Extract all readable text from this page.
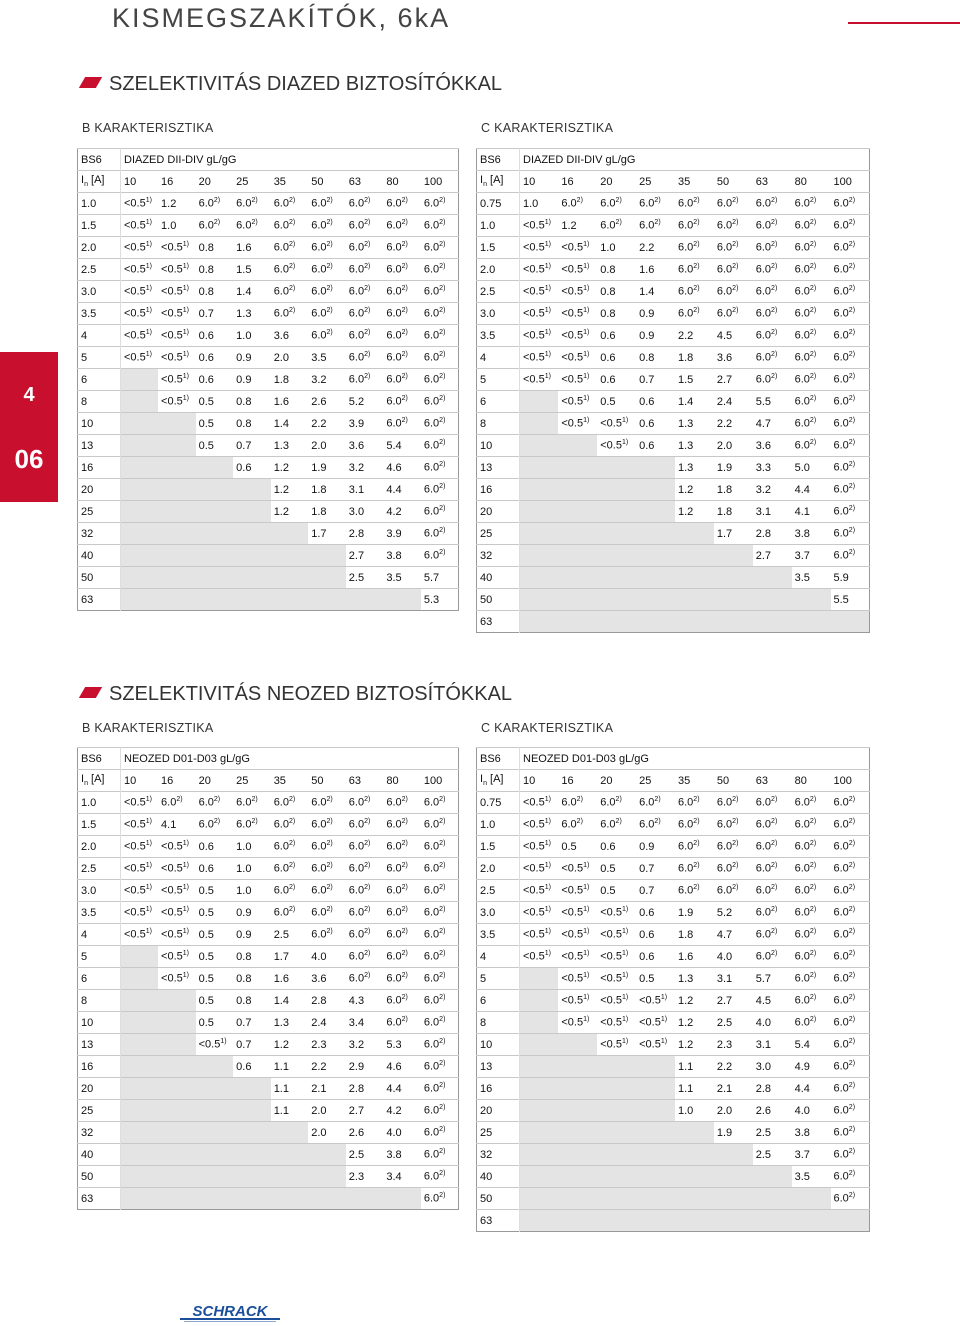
KISMEGSZAKÍTÓK, 6kA
4
06
SZELEKTIVITÁS DIAZED BIZTOSÍTÓKKAL
B KARAKTERISZTIKA	C KARAKTERISZTIKA
BS6	DIAZED DII-DIV gL/gG								
$I_n$ [A]	10	16	20	25	35	50	63	80	100
1.0	$<0.5^{1)}$	1.2	6.0$^{2)}$	6.0$^{2)}$	6.0$^{2)}$	6.0$^{2)}$	6.0$^{2)}$	6.0$^{2)}$	6.0$^{2)}$
1.5	$<0.5^{1)}$	1.0	6.0$^{2)}$	6.0$^{2)}$	6.0$^{2)}$	6.0$^{2)}$	6.0$^{2)}$	6.0$^{2)}$	6.0$^{2)}$
2.0	$<0.5^{1)}$	$<0.5^{1)}$	0.8	1.6	6.0$^{2)}$	6.0$^{2)}$	6.0$^{2)}$	6.0$^{2)}$	6.0$^{2)}$
2.5	$<0.5^{1)}$	$<0.5^{1)}$	0.8	1.5	6.0$^{2)}$	6.0$^{2)}$	6.0$^{2)}$	6.0$^{2)}$	6.0$^{2)}$
3.0	$<0.5^{1)}$	$<0.5^{1)}$	0.8	1.4	6.0$^{2)}$	6.0$^{2)}$	6.0$^{2)}$	6.0$^{2)}$	6.0$^{2)}$
3.5	$<0.5^{1)}$	$<0.5^{1)}$	0.7	1.3	6.0$^{2)}$	6.0$^{2)}$	6.0$^{2)}$	6.0$^{2)}$	6.0$^{2)}$
4	$<0.5^{1)}$	$<0.5^{1)}$	0.6	1.0	3.6	6.0$^{2)}$	6.0$^{2)}$	6.0$^{2)}$	6.0$^{2)}$
5	$<0.5^{1)}$	$<0.5^{1)}$	0.6	0.9	2.0	3.5	6.0$^{2)}$	6.0$^{2)}$	6.0$^{2)}$
6		$<0.5^{1)}$	0.6	0.9	1.8	3.2	6.0$^{2)}$	6.0$^{2)}$	6.0$^{2)}$
8		$<0.5^{1)}$	0.5	0.8	1.6	2.6	5.2	6.0$^{2)}$	6.0$^{2)}$
10			0.5	0.8	1.4	2.2	3.9	6.0$^{2)}$	6.0$^{2)}$
13			0.5	0.7	1.3	2.0	3.6	5.4	6.0$^{2)}$
16				0.6	1.2	1.9	3.2	4.6	6.0$^{2)}$
20					1.2	1.8	3.1	4.4	6.0$^{2)}$
25					1.2	1.8	3.0	4.2	6.0$^{2)}$
32						1.7	2.8	3.9	6.0$^{2)}$
40							2.7	3.8	6.0$^{2)}$
50							2.5	3.5	5.7
63									5.3
BS6	DIAZED DII-DIV gL/gG								
$I_n$ [A]	10	16	20	25	35	50	63	80	100
0.75	1.0	6.0$^{2)}$	6.0$^{2)}$	6.0$^{2)}$	6.0$^{2)}$	6.0$^{2)}$	6.0$^{2)}$	6.0$^{2)}$	6.0$^{2)}$
1.0	$<0.5^{1)}$	1.2	6.0$^{2)}$	6.0$^{2)}$	6.0$^{2)}$	6.0$^{2)}$	6.0$^{2)}$	6.0$^{2)}$	6.0$^{2)}$
1.5	$<0.5^{1)}$	$<0.5^{1)}$	1.0	2.2	6.0$^{2)}$	6.0$^{2)}$	6.0$^{2)}$	6.0$^{2)}$	6.0$^{2)}$
2.0	$<0.5^{1)}$	$<0.5^{1)}$	0.8	1.6	6.0$^{2)}$	6.0$^{2)}$	6.0$^{2)}$	6.0$^{2)}$	6.0$^{2)}$
2.5	$<0.5^{1)}$	$<0.5^{1)}$	0.8	1.4	6.0$^{2)}$	6.0$^{2)}$	6.0$^{2)}$	6.0$^{2)}$	6.0$^{2)}$
3.0	$<0.5^{1)}$	$<0.5^{1)}$	0.8	0.9	6.0$^{2)}$	6.0$^{2)}$	6.0$^{2)}$	6.0$^{2)}$	6.0$^{2)}$
3.5	$<0.5^{1)}$	$<0.5^{1)}$	0.6	0.9	2.2	4.5	6.0$^{2)}$	6.0$^{2)}$	6.0$^{2)}$
4	$<0.5^{1)}$	$<0.5^{1)}$	0.6	0.8	1.8	3.6	6.0$^{2)}$	6.0$^{2)}$	6.0$^{2)}$
5	$<0.5^{1)}$	$<0.5^{1)}$	0.6	0.7	1.5	2.7	6.0$^{2)}$	6.0$^{2)}$	6.0$^{2)}$
6		$<0.5^{1)}$	0.5	0.6	1.4	2.4	5.5	6.0$^{2)}$	6.0$^{2)}$
8		$<0.5^{1)}$	$<0.5^{1)}$	0.6	1.3	2.2	4.7	6.0$^{2)}$	6.0$^{2)}$
10			$<0.5^{1)}$	0.6	1.3	2.0	3.6	6.0$^{2)}$	6.0$^{2)}$
13					1.3	1.9	3.3	5.0	6.0$^{2)}$
16					1.2	1.8	3.2	4.4	6.0$^{2)}$
20					1.2	1.8	3.1	4.1	6.0$^{2)}$
25						1.7	2.8	3.8	6.0$^{2)}$
32							2.7	3.7	6.0$^{2)}$
40								3.5	5.9
50									5.5
63									
SZELEKTIVITÁS NEOZED BIZTOSÍTÓKKAL
B KARAKTERISZTIKA	C KARAKTERISZTIKA
BS6	NEOZED D01-D03 gL/gG								
$I_n$ [A]	10	16	20	25	35	50	63	80	100
1.0	$<0.5^{1)}$	6.0$^{2)}$	6.0$^{2)}$	6.0$^{2)}$	6.0$^{2)}$	6.0$^{2)}$	6.0$^{2)}$	6.0$^{2)}$	6.0$^{2)}$
1.5	$<0.5^{1)}$	4.1	6.0$^{2)}$	6.0$^{2)}$	6.0$^{2)}$	6.0$^{2)}$	6.0$^{2)}$	6.0$^{2)}$	6.0$^{2)}$
2.0	$<0.5^{1)}$	$<0.5^{1)}$	0.6	1.0	6.0$^{2)}$	6.0$^{2)}$	6.0$^{2)}$	6.0$^{2)}$	6.0$^{2)}$
2.5	$<0.5^{1)}$	$<0.5^{1)}$	0.6	1.0	6.0$^{2)}$	6.0$^{2)}$	6.0$^{2)}$	6.0$^{2)}$	6.0$^{2)}$
3.0	$<0.5^{1)}$	$<0.5^{1)}$	0.5	1.0	6.0$^{2)}$	6.0$^{2)}$	6.0$^{2)}$	6.0$^{2)}$	6.0$^{2)}$
3.5	$<0.5^{1)}$	$<0.5^{1)}$	0.5	0.9	6.0$^{2)}$	6.0$^{2)}$	6.0$^{2)}$	6.0$^{2)}$	6.0$^{2)}$
4	$<0.5^{1)}$	$<0.5^{1)}$	0.5	0.9	2.5	6.0$^{2)}$	6.0$^{2)}$	6.0$^{2)}$	6.0$^{2)}$
5		$<0.5^{1)}$	0.5	0.8	1.7	4.0	6.0$^{2)}$	6.0$^{2)}$	6.0$^{2)}$
6		$<0.5^{1)}$	0.5	0.8	1.6	3.6	6.0$^{2)}$	6.0$^{2)}$	6.0$^{2)}$
8			0.5	0.8	1.4	2.8	4.3	6.0$^{2)}$	6.0$^{2)}$
10			0.5	0.7	1.3	2.4	3.4	6.0$^{2)}$	6.0$^{2)}$
13			$<0.5^{1)}$	0.7	1.2	2.3	3.2	5.3	6.0$^{2)}$
16				0.6	1.1	2.2	2.9	4.6	6.0$^{2)}$
20					1.1	2.1	2.8	4.4	6.0$^{2)}$
25					1.1	2.0	2.7	4.2	6.0$^{2)}$
32						2.0	2.6	4.0	6.0$^{2)}$
40							2.5	3.8	6.0$^{2)}$
50							2.3	3.4	6.0$^{2)}$
63									6.0$^{2)}$
BS6	NEOZED D01-D03 gL/gG								
$I_n$ [A]	10	16	20	25	35	50	63	80	100
0.75	$<0.5^{1)}$	6.0$^{2)}$	6.0$^{2)}$	6.0$^{2)}$	6.0$^{2)}$	6.0$^{2)}$	6.0$^{2)}$	6.0$^{2)}$	6.0$^{2)}$
1.0	$<0.5^{1)}$	6.0$^{2)}$	6.0$^{2)}$	6.0$^{2)}$	6.0$^{2)}$	6.0$^{2)}$	6.0$^{2)}$	6.0$^{2)}$	6.0$^{2)}$
1.5	$<0.5^{1)}$	0.5	0.6	0.9	6.0$^{2)}$	6.0$^{2)}$	6.0$^{2)}$	6.0$^{2)}$	6.0$^{2)}$
2.0	$<0.5^{1)}$	$<0.5^{1)}$	0.5	0.7	6.0$^{2)}$	6.0$^{2)}$	6.0$^{2)}$	6.0$^{2)}$	6.0$^{2)}$
2.5	$<0.5^{1)}$	$<0.5^{1)}$	0.5	0.7	6.0$^{2)}$	6.0$^{2)}$	6.0$^{2)}$	6.0$^{2)}$	6.0$^{2)}$
3.0	$<0.5^{1)}$	$<0.5^{1)}$	$<0.5^{1)}$	0.6	1.9	5.2	6.0$^{2)}$	6.0$^{2)}$	6.0$^{2)}$
3.5	$<0.5^{1)}$	$<0.5^{1)}$	$<0.5^{1)}$	0.6	1.8	4.7	6.0$^{2)}$	6.0$^{2)}$	6.0$^{2)}$
4	$<0.5^{1)}$	$<0.5^{1)}$	$<0.5^{1)}$	0.6	1.6	4.0	6.0$^{2)}$	6.0$^{2)}$	6.0$^{2)}$
5		$<0.5^{1)}$	$<0.5^{1)}$	0.5	1.3	3.1	5.7	6.0$^{2)}$	6.0$^{2)}$
6		$<0.5^{1)}$	$<0.5^{1)}$	$<0.5^{1)}$	1.2	2.7	4.5	6.0$^{2)}$	6.0$^{2)}$
8		$<0.5^{1)}$	$<0.5^{1)}$	$<0.5^{1)}$	1.2	2.5	4.0	6.0$^{2)}$	6.0$^{2)}$
10			$<0.5^{1)}$	$<0.5^{1)}$	1.2	2.3	3.1	5.4	6.0$^{2)}$
13					1.1	2.2	3.0	4.9	6.0$^{2)}$
16					1.1	2.1	2.8	4.4	6.0$^{2)}$
20					1.0	2.0	2.6	4.0	6.0$^{2)}$
25						1.9	2.5	3.8	6.0$^{2)}$
32							2.5	3.7	6.0$^{2)}$
40								3.5	6.0$^{2)}$
50									6.0$^{2)}$
63									
SCHRACK
